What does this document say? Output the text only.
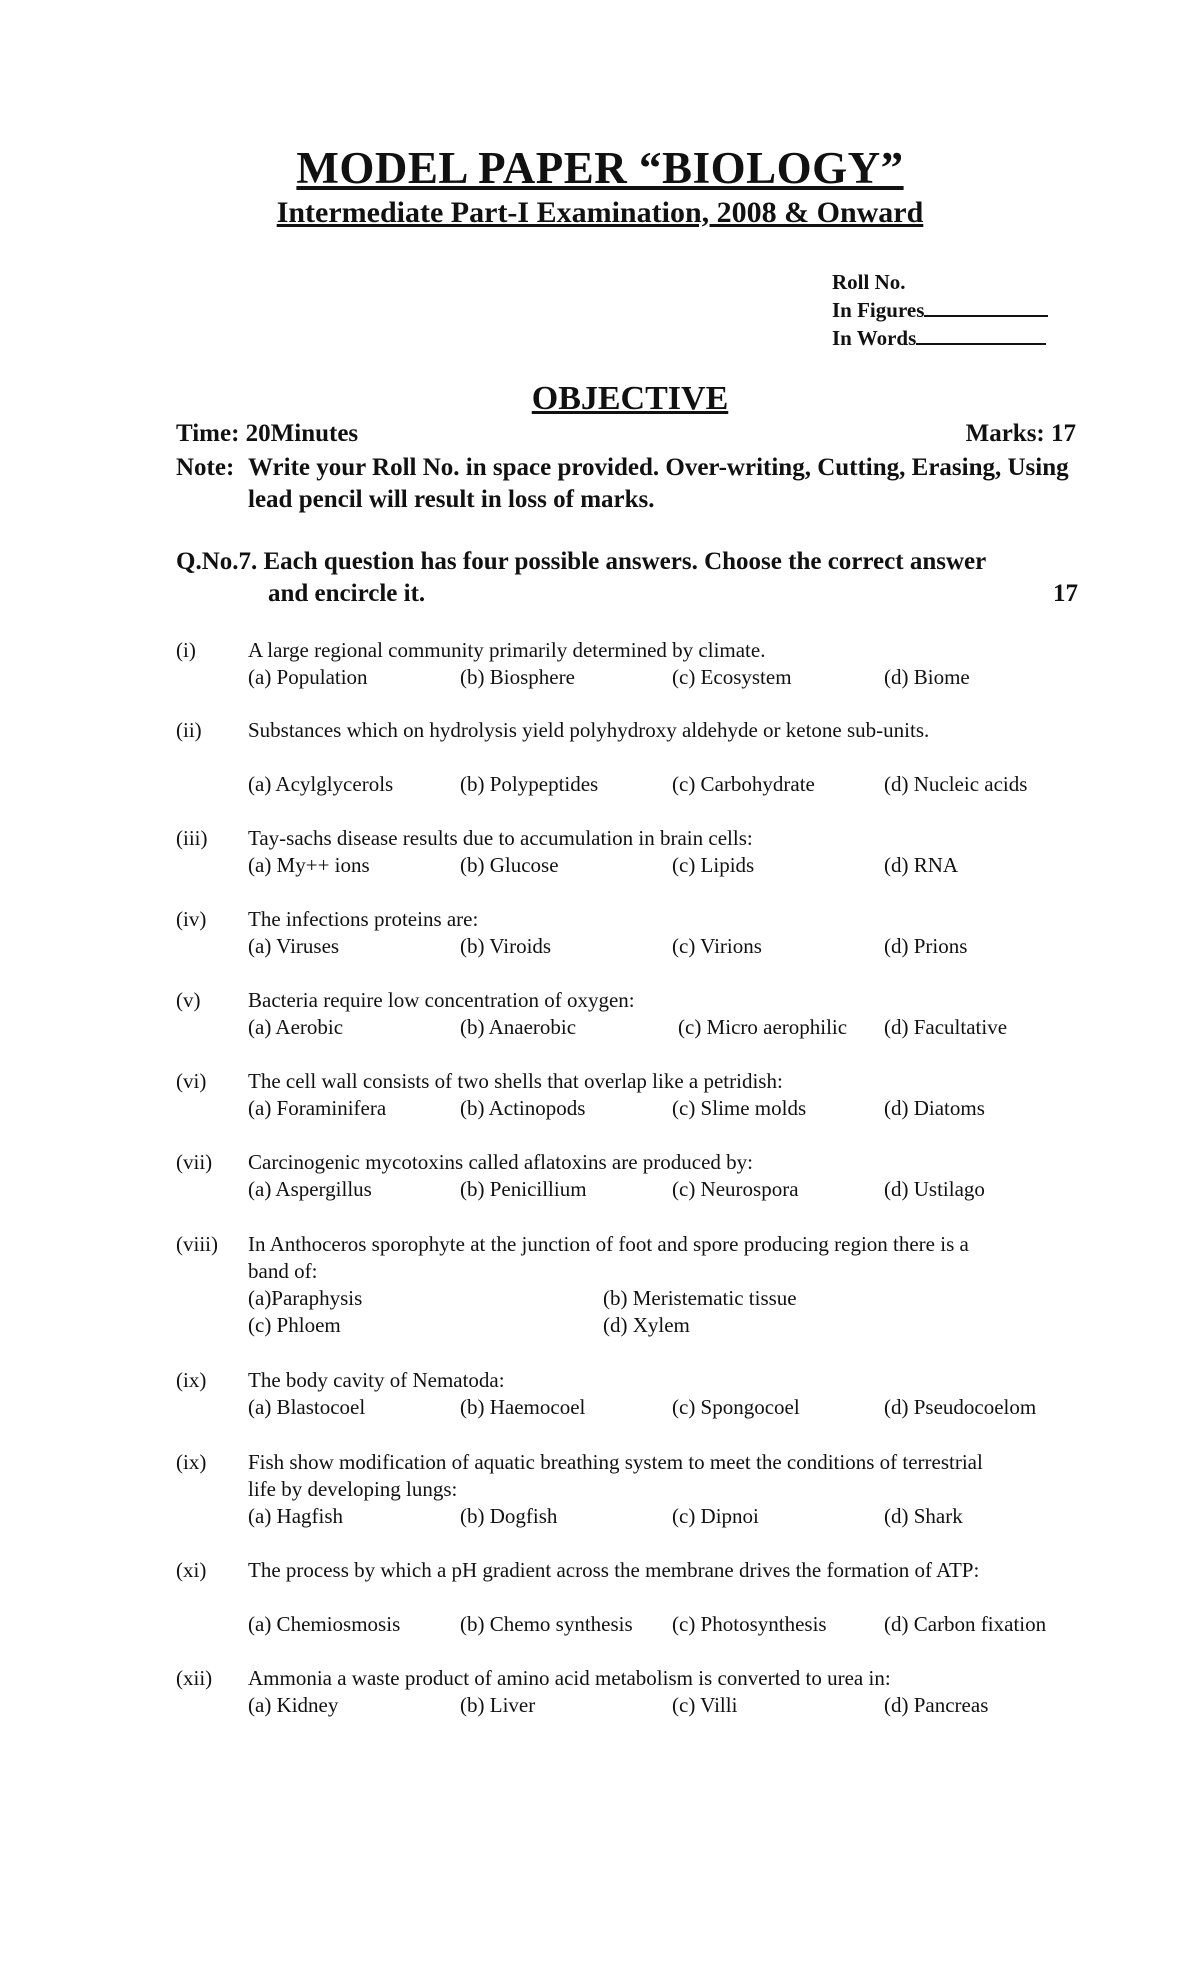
MODEL PAPER “BIOLOGY”
Intermediate Part-I Examination, 2008 & Onward
Roll No.
In Figures
In Words
OBJECTIVE
Time: 20Minutes	Marks: 17
Note: Write your Roll No. in space provided. Over-writing, Cutting, Erasing, Using lead pencil will result in loss of marks.
Q.No.7. Each question has four possible answers. Choose the correct answer
and encircle it.	17
(i) A large regional community primarily determined by climate.
(a) Population	(b) Biosphere	(c) Ecosystem	(d) Biome
(ii) Substances which on hydrolysis yield polyhydroxy aldehyde or ketone sub-units.
(a) Acylglycerols	(b) Polypeptides	(c) Carbohydrate	(d) Nucleic acids
(iii) Tay-sachs disease results due to accumulation in brain cells:
(a) My++ ions	(b) Glucose	(c) Lipids	(d) RNA
(iv) The infections proteins are:
(a) Viruses	(b) Viroids	(c) Virions	(d) Prions
(v) Bacteria require low concentration of oxygen:
(a) Aerobic	(b) Anaerobic	(c) Micro aerophilic (d) Facultative
(vi) The cell wall consists of two shells that overlap like a petridish:
(a) Foraminifera	(b) Actinopods	(c) Slime molds	(d) Diatoms
(vii) Carcinogenic mycotoxins called aflatoxins are produced by:
(a) Aspergillus	(b) Penicillium	(c) Neurospora	(d) Ustilago
(viii) In Anthoceros sporophyte at the junction of foot and spore producing region there is a band of:
(a)Paraphysis	(b) Meristematic tissue
(c) Phloem	(d) Xylem
(ix) The body cavity of Nematoda:
(a) Blastocoel	(b) Haemocoel	(c) Spongocoel	(d) Pseudocoelom
(ix) Fish show modification of aquatic breathing system to meet the conditions of terrestrial life by developing lungs:
(a) Hagfish	(b) Dogfish	(c) Dipnoi	(d) Shark
(xi) The process by which a pH gradient across the membrane drives the formation of ATP:
(a) Chemiosmosis	(b) Chemo synthesis (c) Photosynthesis	(d) Carbon fixation
(xii) Ammonia a waste product of amino acid metabolism is converted to urea in:
(a) Kidney	(b) Liver	(c) Villi	(d) Pancreas
